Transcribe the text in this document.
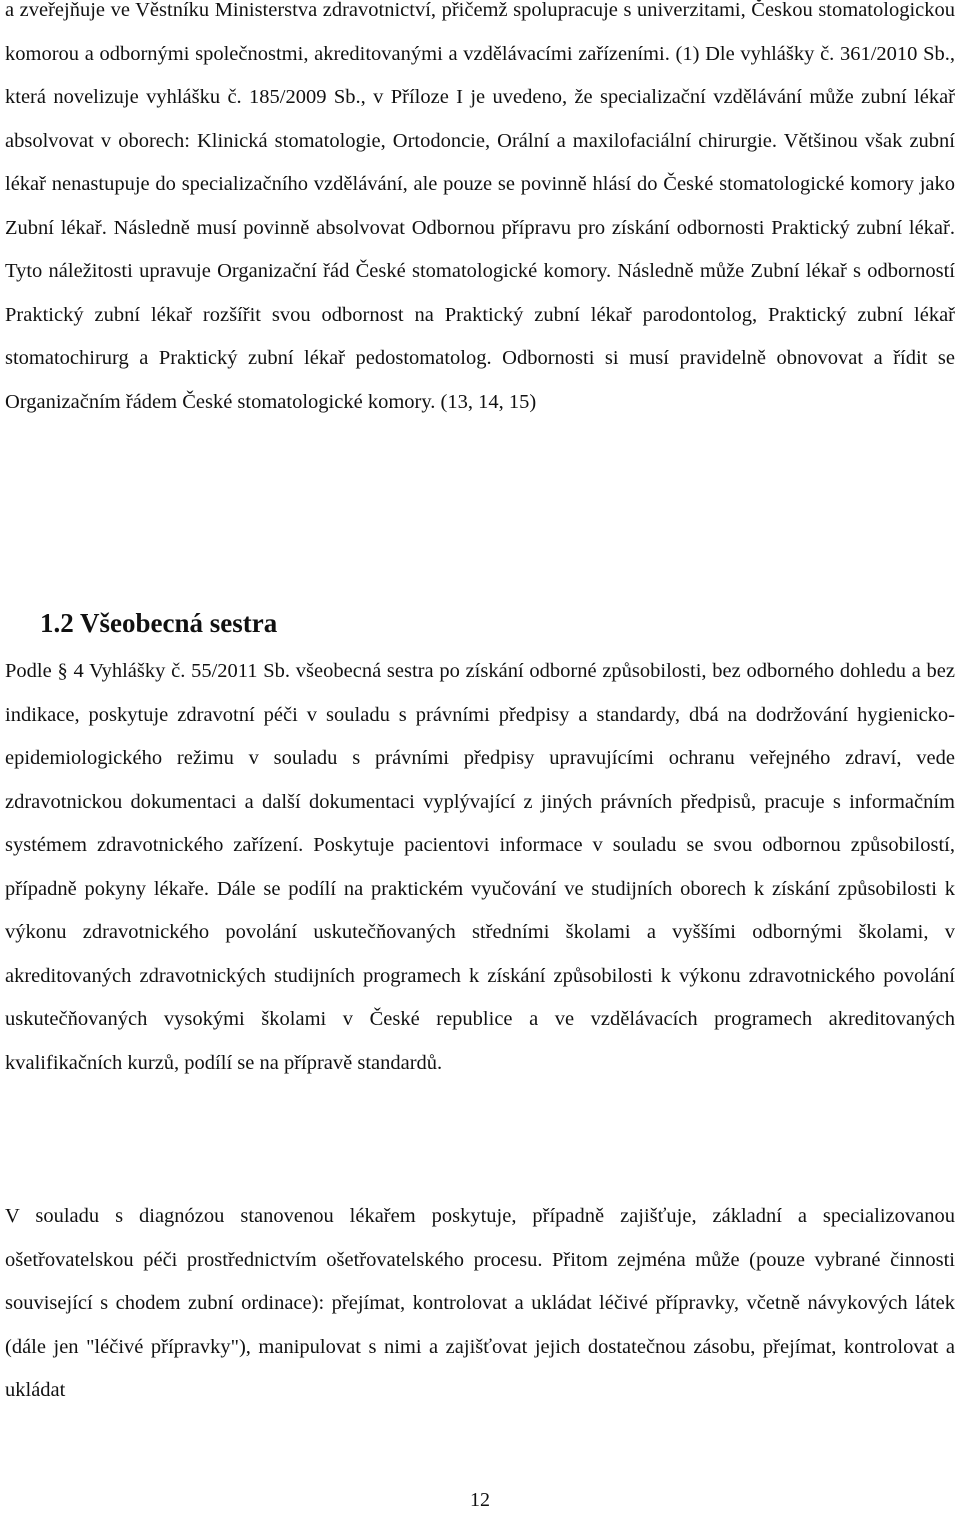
a zveřejňuje ve Věstníku Ministerstva zdravotnictví, přičemž spolupracuje s univerzitami, Českou stomatologickou komorou a odbornými společnostmi, akreditovanými a vzdělávacími zařízeními. (1) Dle vyhlášky č. 361/2010 Sb., která novelizuje vyhlášku č. 185/2009 Sb., v Příloze I je uvedeno, že specializační vzdělávání může zubní lékař absolvovat v oborech: Klinická stomatologie, Ortodoncie, Orální a maxilofaciální chirurgie. Většinou však zubní lékař nenastupuje do specializačního vzdělávání, ale pouze se povinně hlásí do České stomatologické komory jako Zubní lékař. Následně musí povinně absolvovat Odbornou přípravu pro získání odbornosti Praktický zubní lékař. Tyto náležitosti upravuje Organizační řád České stomatologické komory. Následně může Zubní lékař s odborností Praktický zubní lékař rozšířit svou odbornost na Praktický zubní lékař parodontolog, Praktický zubní lékař stomatochirurg a Praktický zubní lékař pedostomatolog. Odbornosti si musí pravidelně obnovovat a řídit se Organizačním řádem České stomatologické komory. (13, 14, 15)

1.2 Všeobecná sestra

Podle § 4 Vyhlášky č. 55/2011 Sb. všeobecná sestra po získání odborné způsobilosti, bez odborného dohledu a bez indikace, poskytuje zdravotní péči v souladu s právními předpisy a standardy, dbá na dodržování hygienicko-epidemiologického režimu v souladu s právními předpisy upravujícími ochranu veřejného zdraví, vede zdravotnickou dokumentaci a další dokumentaci vyplývající z jiných právních předpisů, pracuje s informačním systémem zdravotnického zařízení. Poskytuje pacientovi informace v souladu se svou odbornou způsobilostí, případně pokyny lékaře. Dále se podílí na praktickém vyučování ve studijních oborech k získání způsobilosti k výkonu zdravotnického povolání uskutečňovaných středními školami a vyššími odbornými školami, v akreditovaných zdravotnických studijních programech k získání způsobilosti k výkonu zdravotnického povolání uskutečňovaných vysokými školami v České republice a ve vzdělávacích programech akreditovaných kvalifikačních kurzů, podílí se na přípravě standardů.

V souladu s diagnózou stanovenou lékařem poskytuje, případně zajišťuje, základní a specializovanou ošetřovatelskou péči prostřednictvím ošetřovatelského procesu. Přitom zejména může (pouze vybrané činnosti související s chodem zubní ordinace): přejímat, kontrolovat a ukládat léčivé přípravky, včetně návykových látek (dále jen "léčivé přípravky"), manipulovat s nimi a zajišťovat jejich dostatečnou zásobu, přejímat, kontrolovat a ukládat

12
